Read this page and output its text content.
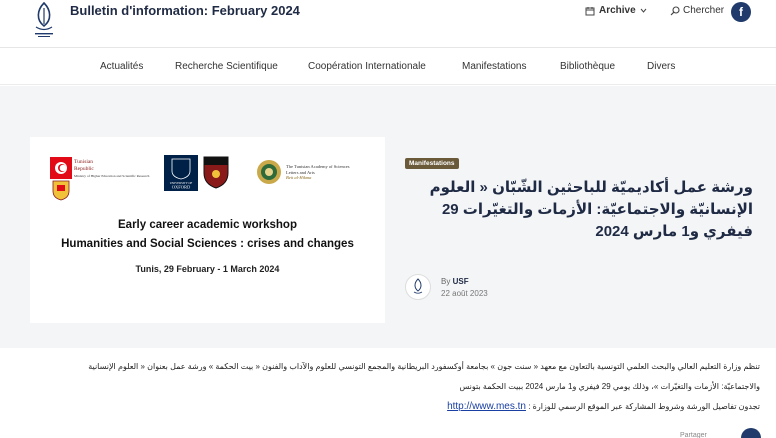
Bulletin d'information: February 2024	Archive	Chercher f
Actualités	Recherche Scientifique	Coopération Internationale	Manifestations	Bibliothèque	Divers
Tunisian
Republic
Ministry of Higher Education and Scientific Research
UNIVERSITY OF
OXFORD
The Tunisian Academy of Sciences
Letters and Arts
Beit al-Hikma
Early career academic workshop
Humanities and Social Sciences : crises and changes
Tunis, 29 February - 1 March 2024
Manifestations
ورشة عمل أكاديميّة للباحثين الشّبّان « العلوم الإنسانيّة والاجتماعيّة: الأزمات والتغيّرات 29 فيفري و1 مارس 2024
By USF
22 août 2023
تنظم وزارة التعليم العالي والبحث العلمي التونسية بالتعاون مع معهد « سنت جون » بجامعة أوكسفورد البريطانية والمجمع التونسي للعلوم والآداب والفنون « بيت الحكمة » ورشة عمل بعنوان « العلوم الإنسانية
والاجتماعيّة: الأزمات والتغيّرات »، وذلك يومي 29 فيفري و1 مارس 2024 ببيت الحكمة بتونس
تجدون تفاصيل الورشة وشروط المشاركة عبر الموقع الرسمي للوزارة : http://www.mes.tn
Partager
